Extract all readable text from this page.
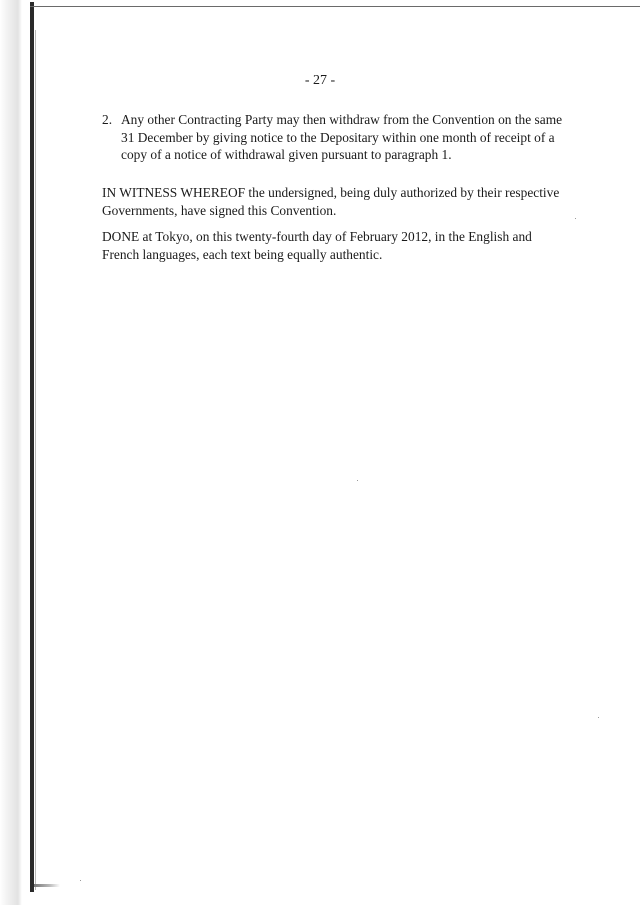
- 27 -
2. Any other Contracting Party may then withdraw from the Convention on the same 31 December by giving notice to the Depositary within one month of receipt of a copy of a notice of withdrawal given pursuant to paragraph 1.
IN WITNESS WHEREOF the undersigned, being duly authorized by their respective Governments, have signed this Convention.
DONE at Tokyo, on this twenty-fourth day of February 2012, in the English and French languages, each text being equally authentic.
